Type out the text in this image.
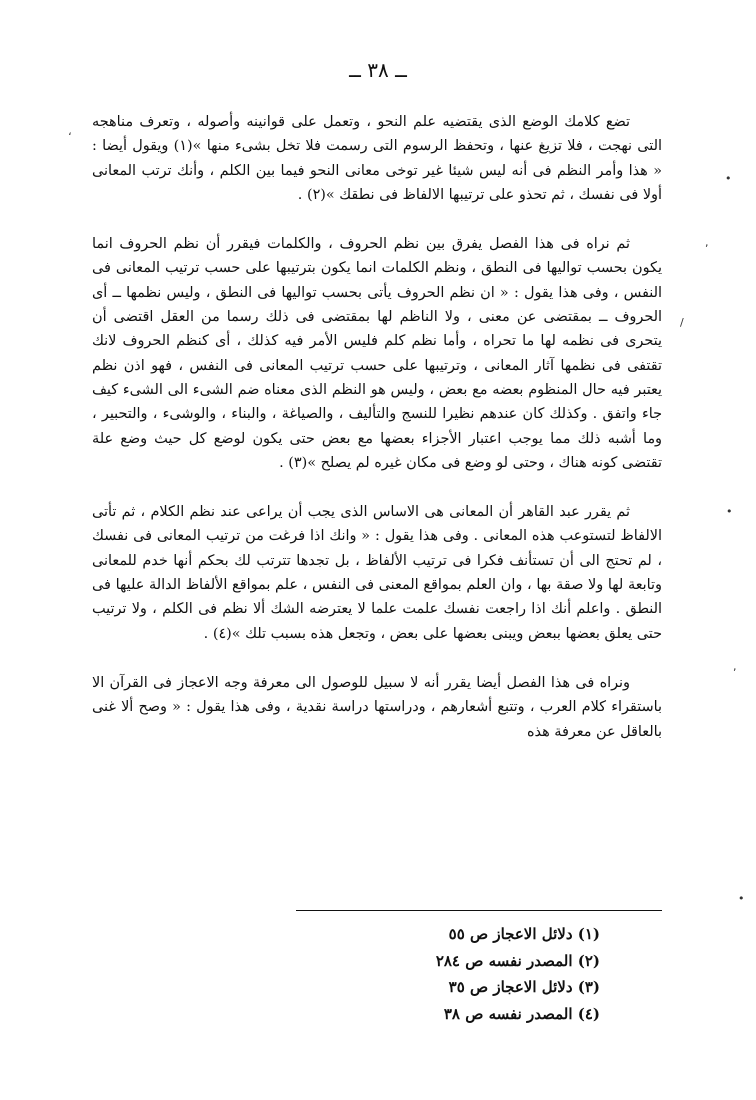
ــ ٣٨ ــ

تضع كلامك الوضع الذى يقتضيه علم النحو ، وتعمل على قوانينه وأصوله ، وتعرف مناهجه التى نهجت ، فلا تزيغ عنها ، وتحفظ الرسوم التى رسمت فلا تخل بشىء منها »(١) ويقول أيضا : « هذا وأمر النظم فى أنه ليس شيئا غير توخى معانى النحو فيما بين الكلم ، وأنك ترتب المعانى أولا فى نفسك ، ثم تحذو على ترتيبها الالفاظ فى نطقك »(٢) .

ثم نراه فى هذا الفصل يفرق بين نظم الحروف ، والكلمات فيقرر أن نظم الحروف انما يكون بحسب تواليها فى النطق ، ونظم الكلمات انما يكون بترتيبها على حسب ترتيب المعانى فى النفس ، وفى هذا يقول : « ان نظم الحروف يأتى بحسب تواليها فى النطق ، وليس نظمها ــ أى الحروف ــ بمقتضى عن معنى ، ولا الناظم لها بمقتضى فى ذلك رسما من العقل اقتضى أن يتحرى فى نظمه لها ما تحراه ، وأما نظم كلم فليس الأمر فيه كذلك ، أى كنظم الحروف لانك تقتفى فى نظمها آثار المعانى ، وترتيبها على حسب ترتيب المعانى فى النفس ، فهو اذن نظم يعتبر فيه حال المنظوم بعضه مع بعض ، وليس هو النظم الذى معناه ضم الشىء الى الشىء كيف جاء واتفق . وكذلك كان عندهم نظيرا للنسج والتأليف ، والصياغة ، والبناء ، والوشىء ، والتحبير ، وما أشبه ذلك مما يوجب اعتبار الأجزاء بعضها مع بعض حتى يكون لوضع كل حيث وضع علة تقتضى كونه هناك ، وحتى لو وضع فى مكان غيره لم يصلح »(٣) .

ثم يقرر عبد القاهر أن المعانى هى الاساس الذى يجب أن يراعى عند نظم الكلام ، ثم تأتى الالفاظ لتستوعب هذه المعانى . وفى هذا يقول : « وانك اذا فرغت من ترتيب المعانى فى نفسك ، لم تحتج الى أن تستأنف فكرا فى ترتيب الألفاظ ، بل تجدها تترتب لك بحكم أنها خدم للمعانى وتابعة لها ولا صقة بها ، وان العلم بمواقع المعنى فى النفس ، علم بمواقع الألفاظ الدالة عليها فى النطق . واعلم أنك اذا راجعت نفسك علمت علما لا يعترضه الشك ألا نظم فى الكلم ، ولا ترتيب حتى يعلق بعضها ببعض ويبنى بعضها على بعض ، وتجعل هذه بسبب تلك »(٤) .

ونراه فى هذا الفصل أيضا يقرر أنه لا سبيل للوصول الى معرفة وجه الاعجاز فى القرآن الا باستقراء كلام العرب ، وتتبع أشعارهم ، ودراستها دراسة نقدية ، وفى هذا يقول : « وصح ألا غنى بالعاقل عن معرفة هذه

(١) دلائل الاعجاز ص ٥٥
(٢) المصدر نفسه ص ٢٨٤
(٣) دلائل الاعجاز ص ٣٥
(٤) المصدر نفسه ص ٣٨
،
•
,
/
•
,
•
